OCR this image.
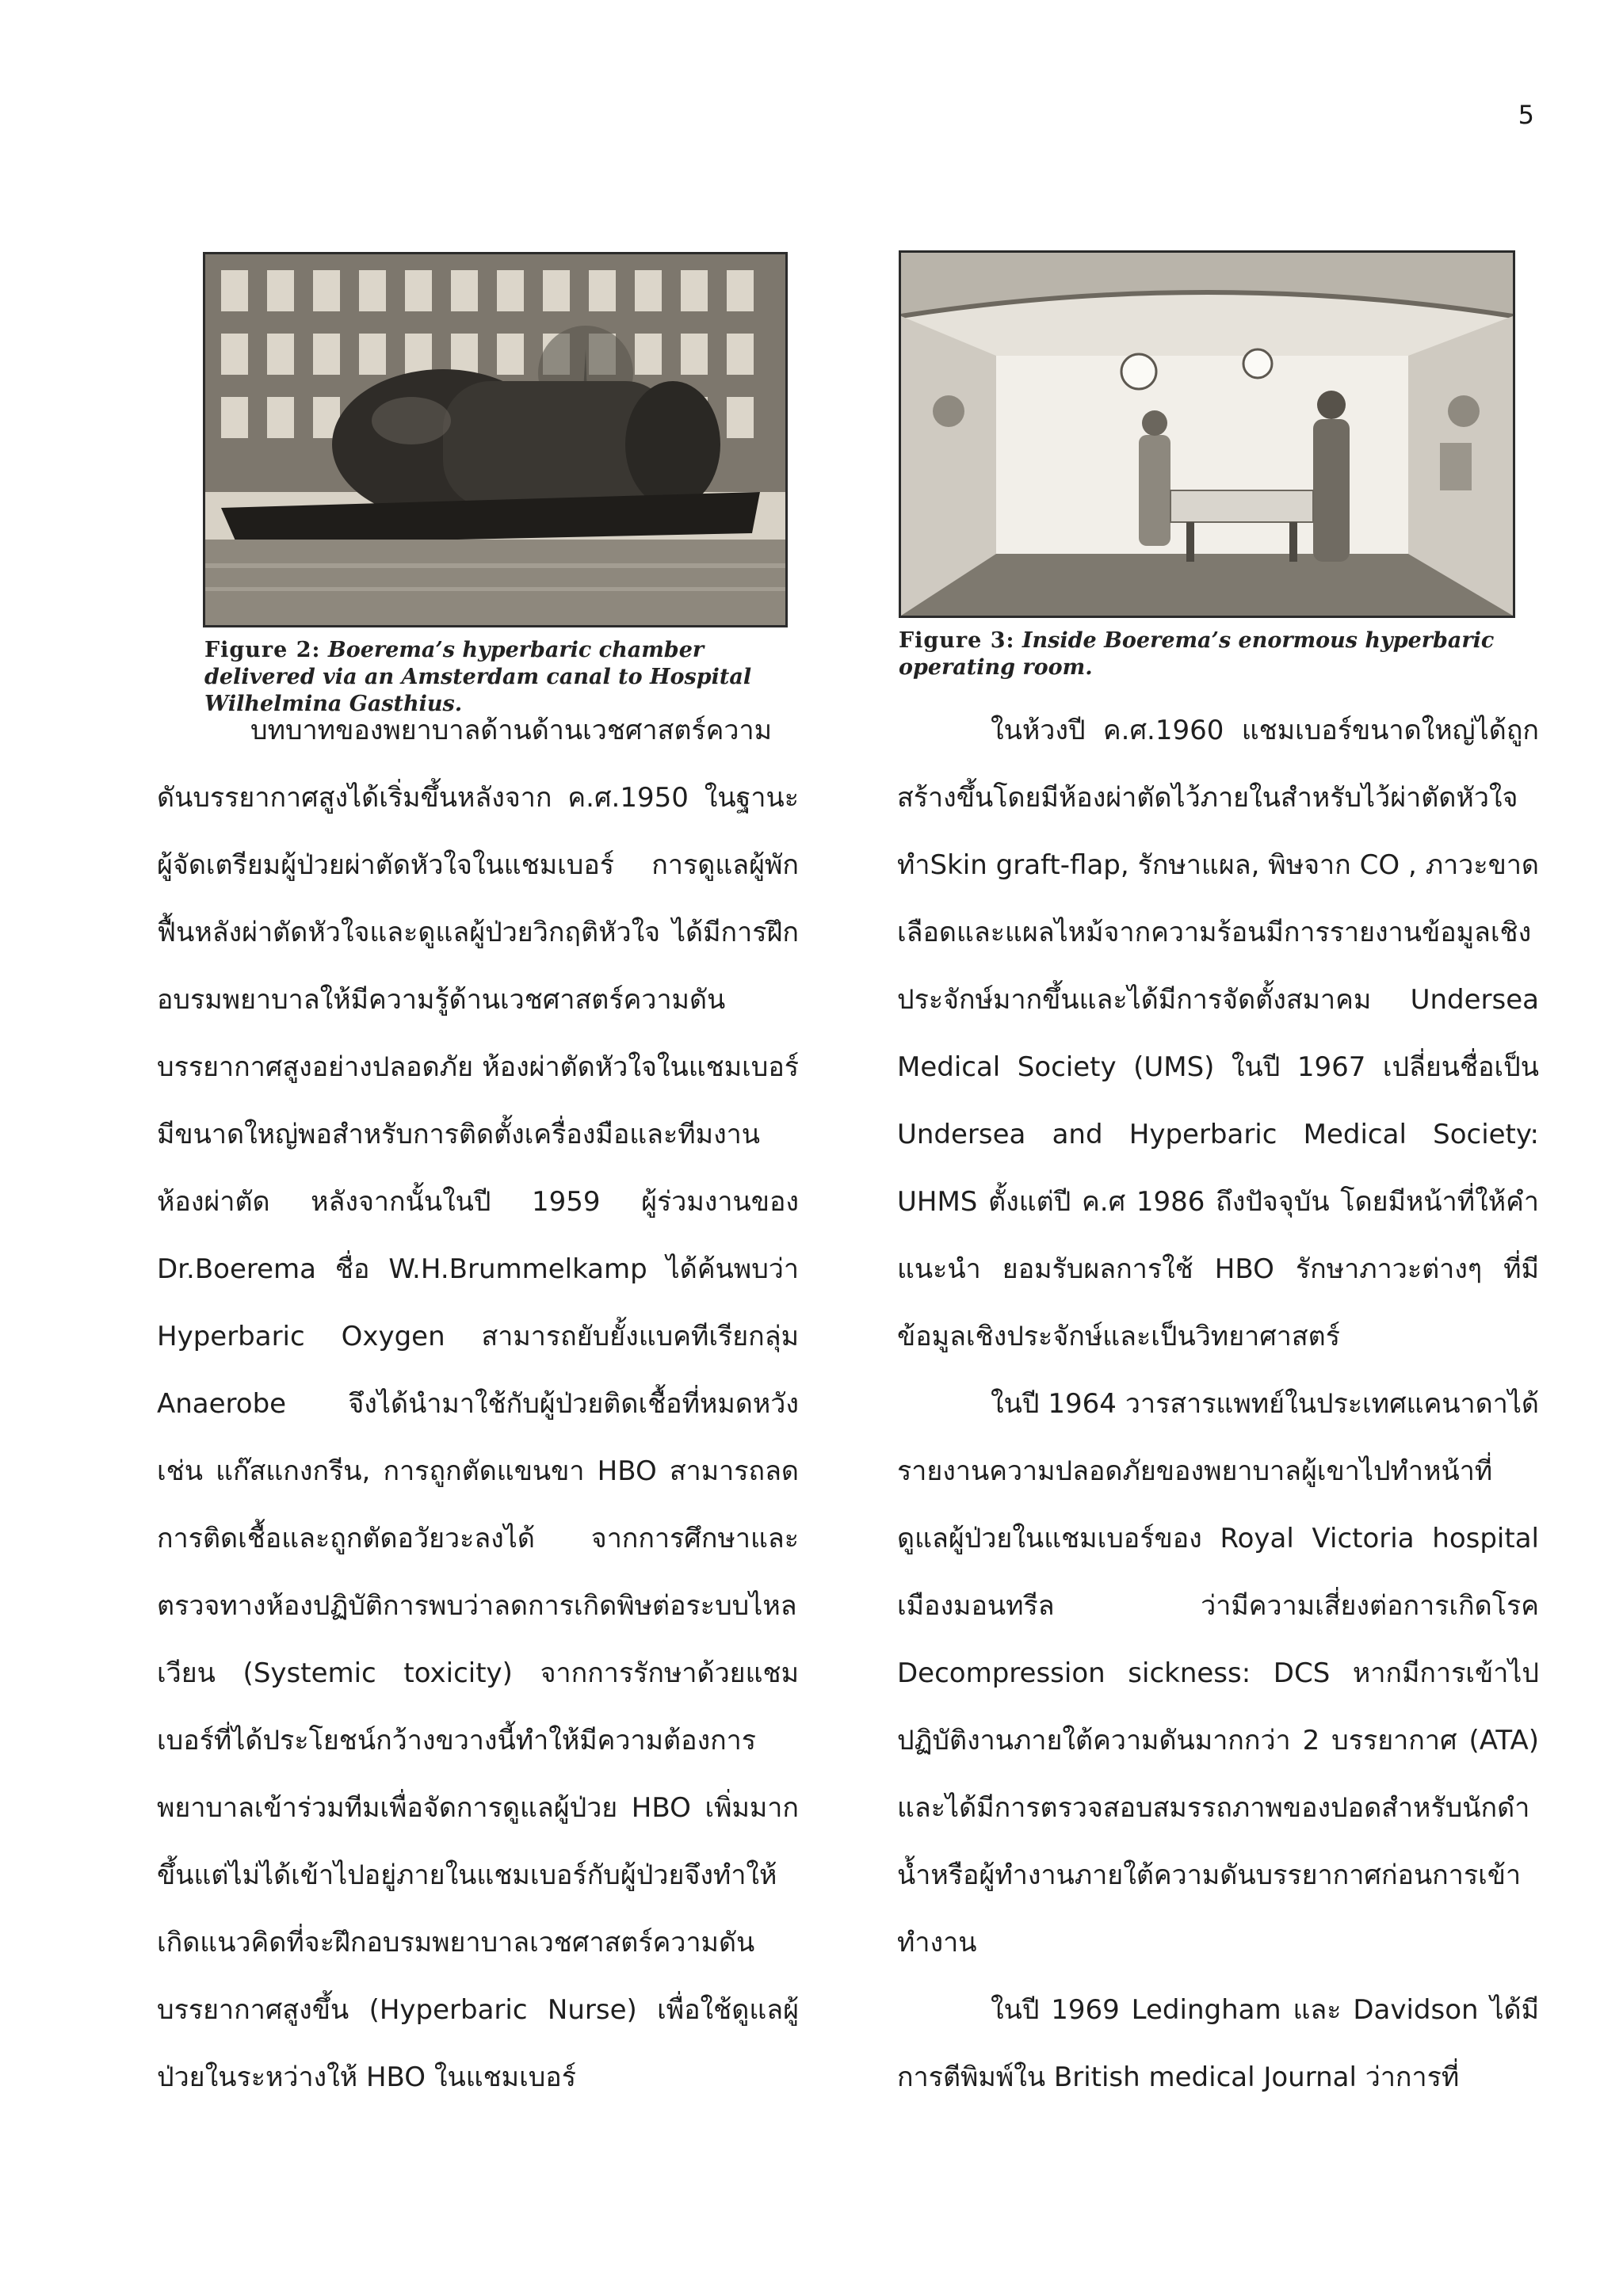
5
Figure 2: Boerema’s hyperbaric chamber delivered via an Amsterdam canal to Hospital Wilhelmina Gasthius.
Figure 3: Inside Boerema’s enormous hyperbaric operating room.

บทบาทของพยาบาลด้านด้านเวชศาสตร์ความดันบรรยากาศสูงได้เริ่มขึ้นหลังจาก ค.ศ.1950 ในฐานะผู้จัดเตรียมผู้ป่วยผ่าตัดหัวใจในแชมเบอร์ การดูแลผู้พักฟื้นหลังผ่าตัดหัวใจและดูแลผู้ป่วยวิกฤติหัวใจ ได้มีการฝึกอบรมพยาบาลให้มีความรู้ด้านเวชศาสตร์ความดันบรรยากาศสูงอย่างปลอดภัย ห้องผ่าตัดหัวใจในแชมเบอร์มีขนาดใหญ่พอสำหรับการติดตั้งเครื่องมือและทีมงานห้องผ่าตัด หลังจากนั้นในปี 1959 ผู้ร่วมงานของ Dr.Boerema ชื่อ W.H.Brummelkamp ได้ค้นพบว่า Hyperbaric Oxygen สามารถยับยั้งแบคทีเรียกลุ่ม Anaerobe จึงได้นำมาใช้กับผู้ป่วยติดเชื้อที่หมดหวัง เช่น แก๊สแกงกรีน, การถูกตัดแขนขา HBO สามารถลดการติดเชื้อและถูกตัดอวัยวะลงได้ จากการศึกษาและตรวจทางห้องปฏิบัติการพบว่าลดการเกิดพิษต่อระบบไหลเวียน (Systemic toxicity) จากการรักษาด้วยแชมเบอร์ที่ได้ประโยชน์กว้างขวางนี้ทำให้มีความต้องการพยาบาลเข้าร่วมทีมเพื่อจัดการดูแลผู้ป่วย HBO เพิ่มมากขึ้นแต่ไม่ได้เข้าไปอยู่ภายในแชมเบอร์กับผู้ป่วยจึงทำให้เกิดแนวคิดที่จะฝึกอบรมพยาบาลเวชศาสตร์ความดันบรรยากาศสูงขึ้น (Hyperbaric Nurse) เพื่อใช้ดูแลผู้ป่วยในระหว่างให้ HBO ในแชมเบอร์

ในห้วงปี ค.ศ.1960 แชมเบอร์ขนาดใหญ่ได้ถูกสร้างขึ้นโดยมีห้องผ่าตัดไว้ภายในสำหรับไว้ผ่าตัดหัวใจ ทำSkin graft-flap, รักษาแผล, พิษจาก CO , ภาวะขาดเลือดและแผลไหม้จากความร้อนมีการรายงานข้อมูลเชิงประจักษ์มากขึ้นและได้มีการจัดตั้งสมาคม Undersea Medical Society (UMS) ในปี 1967 เปลี่ยนชื่อเป็น Undersea and Hyperbaric Medical Society: UHMS ตั้งแต่ปี ค.ศ 1986 ถึงปัจจุบัน โดยมีหน้าที่ให้คำแนะนำ ยอมรับผลการใช้ HBO รักษาภาวะต่างๆ ที่มีข้อมูลเชิงประจักษ์และเป็นวิทยาศาสตร์

ในปี 1964 วารสารแพทย์ในประเทศแคนาดาได้รายงานความปลอดภัยของพยาบาลผู้เขาไปทำหน้าที่ดูแลผู้ป่วยในแชมเบอร์ของ Royal Victoria hospital เมืองมอนทรีล ว่ามีความเสี่ยงต่อการเกิดโรค Decompression sickness: DCS หากมีการเข้าไปปฏิบัติงานภายใต้ความดันมากกว่า 2 บรรยากาศ (ATA) และได้มีการตรวจสอบสมรรถภาพของปอดสำหรับนักดำน้ำหรือผู้ทำงานภายใต้ความดันบรรยากาศก่อนการเข้าทำงาน

ในปี 1969 Ledingham และ Davidson ได้มีการตีพิมพ์ใน British medical Journal ว่าการที่
